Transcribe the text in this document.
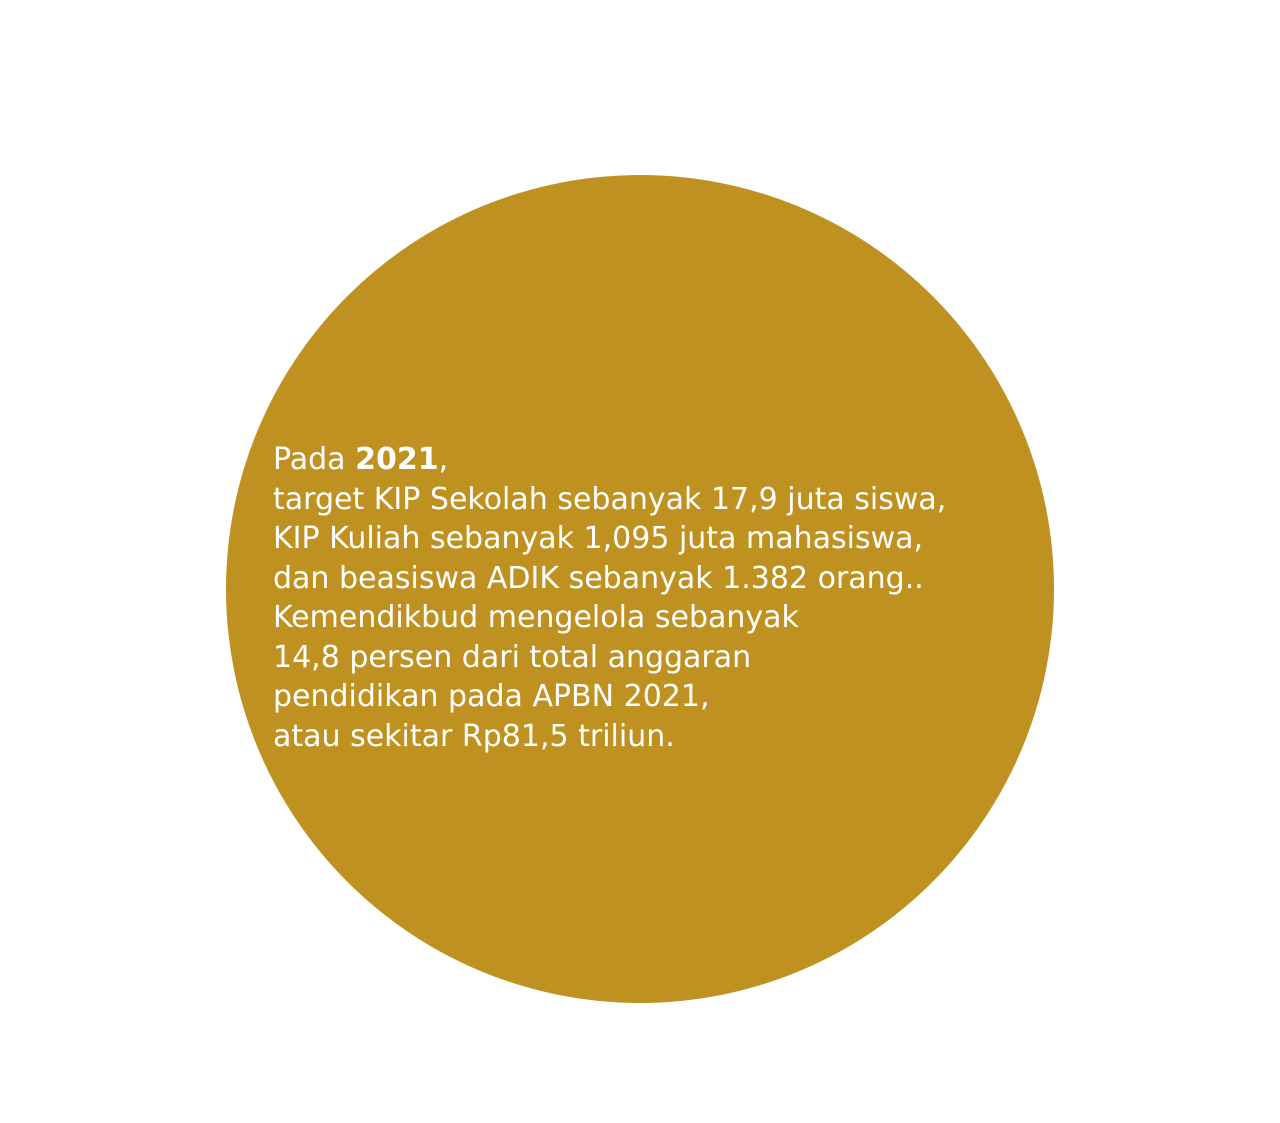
Pada 2021,
target KIP Sekolah sebanyak 17,9 juta siswa,
KIP Kuliah sebanyak 1,095 juta mahasiswa,
dan beasiswa ADIK sebanyak 1.382 orang..
Kemendikbud mengelola sebanyak
14,8 persen dari total anggaran
pendidikan pada APBN 2021,
atau sekitar Rp81,5 triliun.
